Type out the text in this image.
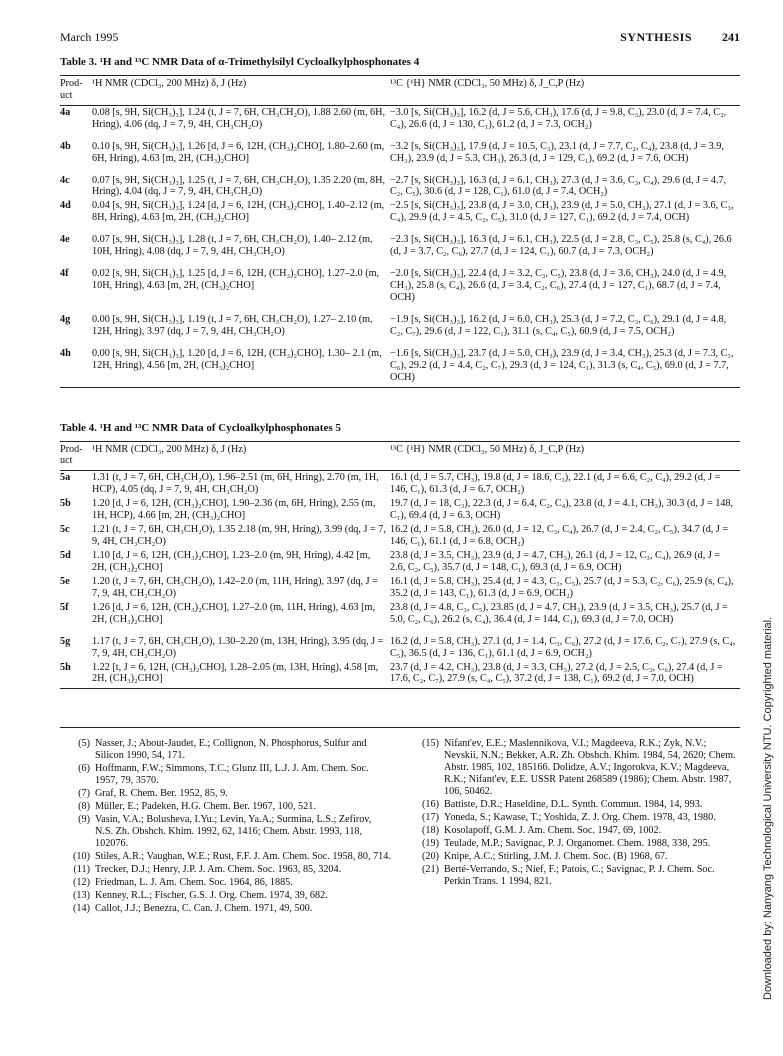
March 1995	SYNTHESIS	241
Table 3. ¹H and ¹³C NMR Data of α-Trimethylsilyl Cycloalkylphosphonates 4
Prod- uct	¹H NMR (CDCl₃, 200 MHz) δ, J (Hz)	¹³C {¹H} NMR (CDCl₃, 50 MHz) δ, J_C,P (Hz)
4a	0.08 [s, 9H, Si(CH₃)₃], 1.24 (t, J = 7, 6H, CH₃CH₂O), 1.88 2.60 (m, 6H, Hring), 4.06 (dq, J = 7, 9, 4H, CH₃CH₂O)	−3.0 [s, Si(CH₃)₃], 16.2 (d, J = 5.6, CH₃), 17.6 (d, J = 9.8, C₃), 23.0 (d, J = 7.4, C₂, C₄), 26.6 (d, J = 130, C₁), 61.2 (d, J = 7.3, OCH₂)
4b	0.10 [s, 9H, Si(CH₃)₃], 1.26 [d, J = 6, 12H, (CH₃)₂CHO], 1.80–2.60 (m, 6H, Hring), 4.63 [m, 2H, (CH₃)₂CHO]	−3.2 [s, Si(CH₃)₃], 17.9 (d, J = 10.5, C₃), 23.1 (d, J = 7.7, C₂, C₄), 23.8 (d, J = 3.9, CH₃), 23.9 (d, J = 5.3, CH₃), 26.3 (d, J = 129, C₁), 69.2 (d, J = 7.6, OCH)
4c	0.07 [s, 9H, Si(CH₃)₃], 1.25 (t, J = 7, 6H, CH₃CH₂O), 1.35 2.20 (m, 8H, Hring), 4.04 (dq, J = 7, 9, 4H, CH₃CH₂O)	−2.7 [s, Si(CH₃)₃], 16.3 (d, J = 6.1, CH₃), 27.3 (d, J = 3.6, C₃, C₄), 29.6 (d, J = 4.7, C₂, C₅), 30.6 (d, J = 128, C₁), 61.0 (d, J = 7.4, OCH₂)
4d	0.04 [s, 9H, Si(CH₃)₃], 1.24 [d, J = 6, 12H, (CH₃)₂CHO], 1.40–2.12 (m, 8H, Hring), 4.63 [m, 2H, (CH₃)₂CHO]	−2.5 [s, Si(CH₃)₃], 23.8 (d, J = 3.0, CH₃), 23.9 (d, J = 5.0, CH₃), 27.1 (d, J = 3.6, C₃, C₄), 29.9 (d, J = 4.5, C₂, C₅), 31.0 (d, J = 127, C₁), 69.2 (d, J = 7.4, OCH)
4e	0.07 [s, 9H, Si(CH₃)₃], 1.28 (t, J = 7, 6H, CH₃CH₂O), 1.40– 2.12 (m, 10H, Hring), 4.08 (dq, J = 7, 9, 4H, CH₃CH₂O)	−2.3 [s, Si(CH₃)₃], 16.3 (d, J = 6.1, CH₃), 22.5 (d, J = 2.8, C₃, C₅), 25.8 (s, C₄), 26.6 (d, J = 3.7, C₂, C₆), 27.7 (d, J = 124, C₁), 60.7 (d, J = 7.3, OCH₂)
4f	0.02 [s, 9H, Si(CH₃)₃], 1.25 [d, J = 6, 12H, (CH₃)₂CHO], 1.27–2.0 (m, 10H, Hring), 4.63 [m, 2H, (CH₃)₂CHO]	−2.0 [s, Si(CH₃)₃], 22.4 (d, J = 3.2, C₃, C₅), 23.8 (d, J = 3.6, CH₃), 24.0 (d, J = 4.9, CH₃), 25.8 (s, C₄), 26.6 (d, J = 3.4, C₂, C₆), 27.4 (d, J = 127, C₁), 68.7 (d, J = 7.4, OCH)
4g	0.00 [s, 9H, Si(CH₃)₃], 1.19 (t, J = 7, 6H, CH₃CH₂O), 1.27– 2.10 (m, 12H, Hring), 3.97 (dq, J = 7, 9, 4H, CH₃CH₂O)	−1.9 [s, Si(CH₃)₃], 16.2 (d, J = 6.0, CH₃), 25.3 (d, J = 7.2, C₃, C₆), 29.1 (d, J = 4.8, C₂, C₇), 29.6 (d, J = 122, C₁), 31.1 (s, C₄, C₅), 60.9 (d, J = 7.5, OCH₂)
4h	0.00 [s, 9H, Si(CH₃)₃], 1.20 [d, J = 6, 12H, (CH₃)₂CHO], 1.30– 2.1 (m, 12H, Hring), 4.56 [m, 2H, (CH₃)₂CHO]	−1.6 [s, Si(CH₃)₃], 23.7 (d, J = 5.0, CH₃), 23.9 (d, J = 3.4, CH₃), 25.3 (d, J = 7.3, C₃, C₆), 29.2 (d, J = 4.4, C₂, C₇), 29.3 (d, J = 124, C₁), 31.3 (s, C₄, C₅), 69.0 (d, J = 7.7, OCH)
Table 4. ¹H and ¹³C NMR Data of Cycloalkylphosphonates 5
Prod- uct	¹H NMR (CDCl₃, 200 MHz) δ, J (Hz)	¹³C {¹H} NMR (CDCl₃, 50 MHz) δ, J_C,P (Hz)
5a	1.31 (t, J = 7, 6H, CH₃CH₂O), 1.96–2.51 (m, 6H, Hring), 2.70 (m, 1H, HCP), 4.05 (dq, J = 7, 9, 4H, CH₃CH₂O)	16.1 (d, J = 5.7, CH₃), 19.8 (d, J = 18.6, C₃), 22.1 (d, J = 6.6, C₂, C₄), 29.2 (d, J = 146, C₁), 61.3 (d, J = 6.7, OCH₂)
5b	1.20 [d, J = 6, 12H, (CH₃)₂CHO], 1.90–2.36 (m, 6H, Hring), 2.55 (m, 1H, HCP), 4.66 [m, 2H, (CH₃)₂CHO]	19.7 (d, J = 18, C₃), 22.3 (d, J = 6.4, C₂, C₄), 23.8 (d, J = 4.1, CH₃), 30.3 (d, J = 148, C₁), 69.4 (d, J = 6.3, OCH)
5c	1.21 (t, J = 7, 6H, CH₃CH₂O), 1.35 2.18 (m, 9H, Hring), 3.99 (dq, J = 7, 9, 4H, CH₃CH₂O)	16.2 (d, J = 5.8, CH₃), 26.0 (d, J = 12, C₃, C₄), 26.7 (d, J = 2.4, C₂, C₅), 34.7 (d, J = 146, C₁), 61.1 (d, J = 6.8, OCH₂)
5d	1.10 [d, J = 6, 12H, (CH₃)₂CHO], 1.23–2.0 (m, 9H, Hring), 4.42 [m, 2H, (CH₃)₂CHO]	23.8 (d, J = 3.5, CH₃), 23.9 (d, J = 4.7, CH₃), 26.1 (d, J = 12, C₃, C₄), 26.9 (d, J = 2.6, C₂, C₅), 35.7 (d, J = 148, C₁), 69.3 (d, J = 6.9, OCH)
5e	1.20 (t, J = 7, 6H, CH₃CH₂O), 1.42–2.0 (m, 11H, Hring), 3.97 (dq, J = 7, 9, 4H, CH₃CH₂O)	16.1 (d, J = 5.8, CH₃), 25.4 (d, J = 4.3, C₃, C₅), 25.7 (d, J = 5.3, C₂, C₆), 25.9 (s, C₄), 35.2 (d, J = 143, C₁), 61.3 (d, J = 6.9, OCH₂)
5f	1.26 [d, J = 6, 12H, (CH₃)₂CHO], 1.27–2.0 (m, 11H, Hring), 4.63 [m, 2H, (CH₃)₂CHO]	23.8 (d, J = 4.8, C₃, C₅), 23.85 (d, J = 4.7, CH₃), 23.9 (d, J = 3.5, CH₃), 25.7 (d, J = 5.0, C₂, C₆), 26.2 (s, C₄), 36.4 (d, J = 144, C₁), 69.3 (d, J = 7.0, OCH)
5g	1.17 (t, J = 7, 6H, CH₃CH₂O), 1.30–2.20 (m, 13H, Hring), 3.95 (dq, J = 7, 9, 4H, CH₃CH₂O)	16.2 (d, J = 5.8, CH₃), 27.1 (d, J = 1.4, C₃, C₆), 27.2 (d, J = 17.6, C₂, C₇), 27.9 (s, C₄, C₅), 36.5 (d, J = 136, C₁), 61.1 (d, J = 6.9, OCH₂)
5h	1.22 [t, J = 6, 12H, (CH₃)₂CHO], 1.28–2.05 (m, 13H, Hring), 4.58 [m, 2H, (CH₃)₂CHO]	23.7 (d, J = 4.2, CH₃), 23.8 (d, J = 3.3, CH₃), 27.2 (d, J = 2.5, C₃, C₆), 27.4 (d, J = 17.6, C₂, C₇), 27.9 (s, C₄, C₅), 37.2 (d, J = 138, C₁), 69.2 (d, J = 7.0, OCH)
(5) Nasser, J.; About-Jaudet, E.; Collignon, N. Phosphorus, Sulfur and Silicon 1990, 54, 171.
(6) Hoffmann, F.W.; Simmons, T.C.; Glunz III, L.J. J. Am. Chem. Soc. 1957, 79, 3570.
(7) Graf, R. Chem. Ber. 1952, 85, 9.
(8) Müller, E.; Padeken, H.G. Chem. Ber. 1967, 100, 521.
(9) Vasin, V.A.; Bolusheva, I.Yu.; Levin, Ya.A.; Surmina, L.S.; Zefirov, N.S. Zh. Obshch. Khim. 1992, 62, 1416; Chem. Abstr. 1993, 118, 102076.
(10) Stiles, A.R.; Vaughan, W.E.; Rust, F.F. J. Am. Chem. Soc. 1958, 80, 714.
(11) Trecker, D.J.; Henry, J.P. J. Am. Chem. Soc. 1963, 85, 3204.
(12) Friedman, L. J. Am. Chem. Soc. 1964, 86, 1885.
(13) Kenney, R.L.; Fischer, G.S. J. Org. Chem. 1974, 39, 682.
(14) Callot, J.J.; Benezra, C. Can. J. Chem. 1971, 49, 500.
(15) Nifant'ev, E.E.; Maslennikova, V.I.; Magdeeva, R.K.; Zyk, N.V.; Nevskii, N.N.; Bekker, A.R. Zh. Obshch. Khim. 1984, 54, 2620; Chem. Abstr. 1985, 102, 185166. Dolidze, A.V.; Ingorokva, K.V.; Magdeeva, R.K.; Nifant'ev, E.E. USSR Patent 268589 (1986); Chem. Abstr. 1987, 106, 50462.
(16) Battiste, D.R.; Haseldine, D.L. Synth. Commun. 1984, 14, 993.
(17) Yoneda, S.; Kawase, T.; Yoshida, Z. J. Org. Chem. 1978, 43, 1980.
(18) Kosolapoff, G.M. J. Am. Chem. Soc. 1947, 69, 1002.
(19) Teulade, M.P.; Savignac, P. J. Organomet. Chem. 1988, 338, 295.
(20) Knipe, A.C.; Stirling, J.M. J. Chem. Soc. (B) 1968, 67.
(21) Berté-Verrando, S.; Nief, F.; Patois, C.; Savignac, P. J. Chem. Soc. Perkin Trans. 1 1994, 821.	Downloaded by: Nanyang Technological University NTU. Copyrighted material.
